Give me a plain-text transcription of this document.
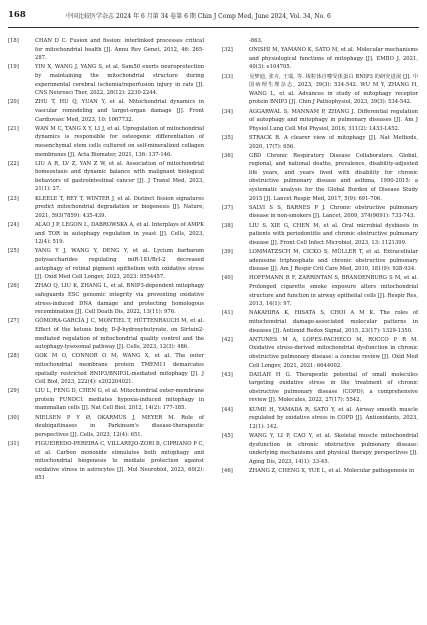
168	中国比较医学杂志 2024 年 6 月第 34 卷第 6 期 Chin J Comp Med, June 2024, Vol. 34, No. 6
[18]	CHAN D C. Fusion and fission: interlinked processes critical for mitochondrial health [J]. Annu Rev Genet, 2012, 46: 265-287.
[19]	YIN X, WANG J, YANG S, et al. Sam50 exerts neuroprotection by maintaining the mitochondrial structure during experimental cerebral ischemia/reperfusion injury in rats [J]. CNS Neurosci Ther, 2022, 28(12): 2230-2244.
[20]	ZHU T, HU Q, YUAN Y, et al. Mitochondrial dynamics in vascular remodeling and target-organ damage [J]. Front Cardiovasc Med, 2023, 10: 1067732.
[21]	WAN M C, TANG X Y, LI J, et al. Upregulation of mitochondrial dynamics is responsible for osteogenic differentiation of mesenchymal stem cells cultured on self-mineralized collagen membranes [J]. Acta Biomater, 2021, 136: 137-146.
[22]	LIU A R, LV Z, YAN Z W, et al. Association of mitochondrial homeostasis and dynamic balance with malignant biological behaviors of gastrointestinal cancer [J]. J Transl Med, 2023, 21(1): 27.
[23]	KLEELE T, REY T, WINTER J, et al. Distinct fission signatures predict mitochondrial degradation or biogenesis [J]. Nature, 2021, 593(7859): 435-439.
[24]	ALAO J P, LEGON L, DABROWSKA A, et al. Interplays of AMPK and TOR in autophagy regulation in yeast [J]. Cells, 2023, 12(4): 519.
[25]	YANG Y J, WANG Y, DENG Y, et al. Lycium barbarum polysaccharides regulating miR-181/Bcl-2 decreased autophagy of retinal pigment epithelium with oxidative stress [J]. Oxid Med Cell Longev, 2023, 2023: 9554457.
[26]	ZHAO Q, LIU K, ZHANG L, et al. BNIP3-dependent mitophagy safeguards ESC genomic integrity via preventing oxidative stress-induced DNA damage and protecting homologous recombination [J]. Cell Death Dis, 2022, 13(11): 976.
[27]	GÓMORA-GARCÍA J C, MONTIEL T, HÜTTENRAUCH M, et al. Effect of the ketone body, D-β-hydroxybutyrate, on Sirtuin2-mediated regulation of mitochondrial quality control and the autophagy-lysosomal pathway [J]. Cells, 2023, 12(3): 486.
[28]	GOK M O, CONNOR O M, WANG X, et al. The outer mitochondrial membrane protein TMEM11 demarcates spatially restricted BNIP3/BNIP3L-mediated mitophagy [J]. J Cell Biol, 2023, 222(4): e202204021.
[29]	LIU L, FENG D, CHEN G, et al. Mitochondrial outer-membrane protein FUNDC1 mediates hypoxia-induced mitophagy in mammalian cells [J]. Nat Cell Biol, 2012, 14(2): 177-185.
[30]	NIELSEN P Y Ø, OKARMUS J, MEYER M. Role of deubiquitinases in Parkinson's disease-therapeutic perspectives [J]. Cells, 2023, 12(4): 651.
[31]	FIGUEIREDO-PEREIRA C, VILLAREJO-ZORI B, CIPRIANO P C, et al. Carbon monoxide stimulates both mitophagy and mitochondrial biogenesis to mediate protection against oxidative stress in astrocytes [J]. Mol Neurobiol, 2023, 60(2): 851
-863.
[32]	ONISHI M, YAMANO K, SATO M, et al. Molecular mechanisms and physiological functions of mitophagy [J]. EMBO J, 2021, 40(3): e104705.
[33]	吴梦迪, 张卉, 王瑞, 等. 线粒体自噬受体蛋白 BNIP3 的研究进展 [J]. 中国病理生理杂志, 2023, 39(3): 534-542. WU M Y, ZHANG H, WANG L, et al. Advances in study of mitophagy receptor protein BNIP3 [J]. Chin J Pathophysiol, 2023, 39(3): 534-542.
[34]	AGGARWAL S, MANNAM P, ZHANG J. Differential regulation of autophagy and mitophagy in pulmonary diseases [J]. Am J Physiol Lung Cell Mol Physiol, 2016, 311(2): L433-L452.
[35]	STRACK R. A clearer view of mitophagy [J]. Nat Methods, 2020, 17(7): 656.
[36]	GBD Chronic Respiratory Disease Collaborators. Global, regional, and national deaths, prevalence, disability-adjusted life years, and years lived with disability for chronic obstructive pulmonary disease and asthma, 1990-2015: a systematic analysis for the Global Burden of Disease Study 2015 [J]. Lancet Respir Med, 2017, 5(9): 691-706.
[37]	SALVI S S, BARNES P J. Chronic obstructive pulmonary disease in non-smokers [J]. Lancet, 2009, 374(9691): 733-743.
[38]	LIU S, XIE G, CHEN M, et al. Oral microbial dysbiosis in patients with periodontitis and chronic obstructive pulmonary disease [J]. Front Cell Infect Microbiol, 2023, 13: 1121399.
[39]	LOMMATZSCH M, CICKO S, MÜLLER T, et al. Extracellular adenosine triphosphate and chronic obstructive pulmonary disease [J]. Am J Respir Crit Care Med, 2010, 181(9): 928-934.
[40]	HOFFMANN R F, ZARRINTAN S, BRANDENBURG S M, et al. Prolonged cigarette smoke exposure alters mitochondrial structure and function in airway epithelial cells [J]. Respir Res, 2013, 14(1): 97.
[41]	NAKAHIRA K, HISATA S, CHOI A M K. The roles of mitochondrial damage-associated molecular patterns in diseases [J]. Antioxid Redox Signal, 2015, 23(17): 1329-1350.
[42]	ANTUNES M A, LOPES-PACHECO M, ROCCO P R M. Oxidative stress-derived mitochondrial dysfunction in chronic obstructive pulmonary disease: a concise review [J]. Oxid Med Cell Longev, 2021, 2021: 6644002.
[43]	DAILAH H G. Therapeutic potential of small molecules targeting oxidative stress in the treatment of chronic obstructive pulmonary disease (COPD): a comprehensive review [J]. Molecules, 2022, 27(17): 5542.
[44]	KUME H, YAMADA R, SATO Y, et al. Airway smooth muscle regulated by oxidative stress in COPD [J]. Antioxidants, 2023, 12(1): 142.
[45]	WANG Y, LI P, CAO Y, et al. Skeletal muscle mitochondrial dysfunction in chronic obstructive pulmonary disease: underlying mechanisms and physical therapy perspectives [J]. Aging Dis, 2023, 14(1): 33-45.
[46]	ZHANG Z, CHENG X, YUE L, et al. Molecular pathogenesis in
